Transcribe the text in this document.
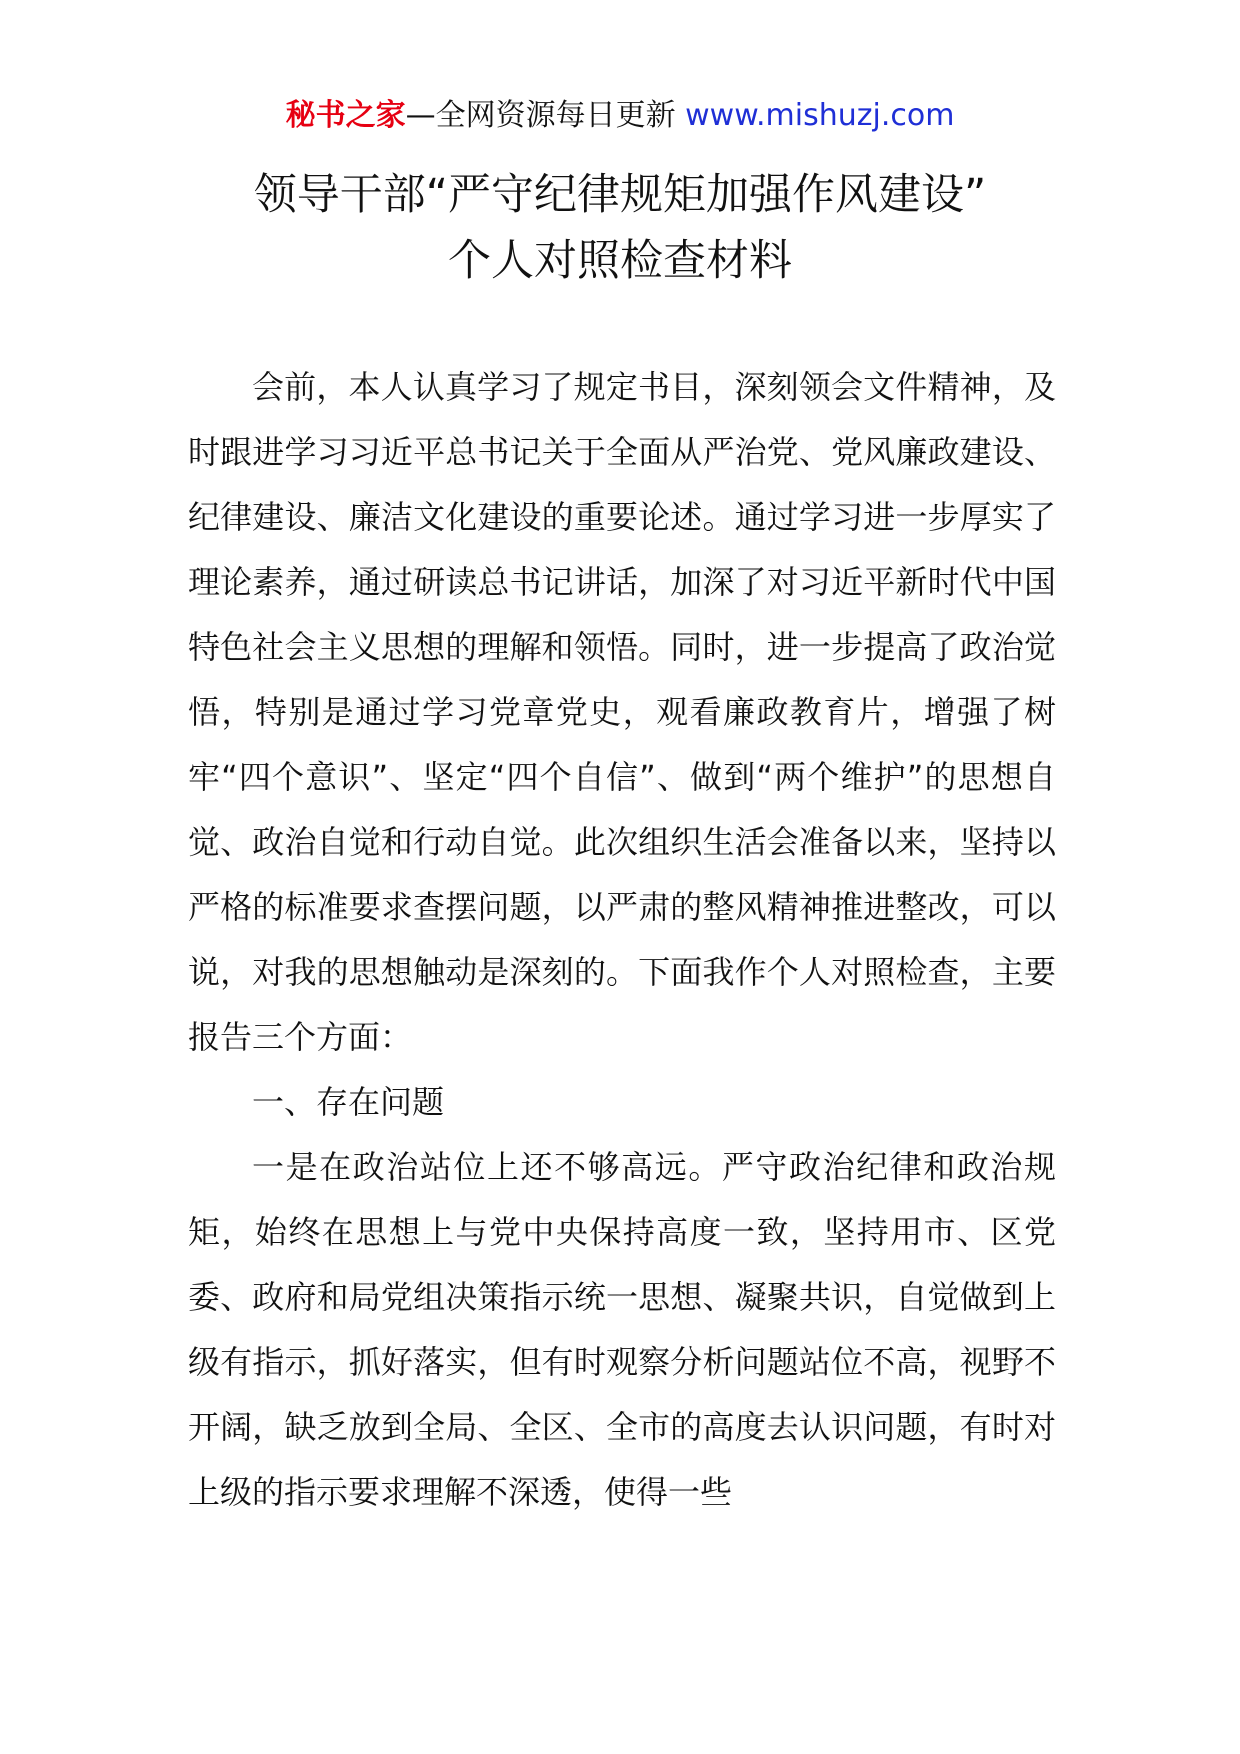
秘书之家—全网资源每日更新 www.mishuzj.com
领导干部“严守纪律规矩加强作风建设”
个人对照检查材料

会前，本人认真学习了规定书目，深刻领会文件精神，及时跟进学习习近平总书记关于全面从严治党、党风廉政建设、纪律建设、廉洁文化建设的重要论述。通过学习进一步厚实了理论素养，通过研读总书记讲话，加深了对习近平新时代中国特色社会主义思想的理解和领悟。同时，进一步提高了政治觉悟，特别是通过学习党章党史，观看廉政教育片，增强了树牢“四个意识”、坚定“四个自信”、做到“两个维护”的思想自觉、政治自觉和行动自觉。此次组织生活会准备以来，坚持以严格的标准要求查摆问题，以严肃的整风精神推进整改，可以说，对我的思想触动是深刻的。下面我作个人对照检查，主要报告三个方面：

一、存在问题

一是在政治站位上还不够高远。严守政治纪律和政治规矩，始终在思想上与党中央保持高度一致，坚持用市、区党委、政府和局党组决策指示统一思想、凝聚共识，自觉做到上级有指示，抓好落实，但有时观察分析问题站位不高，视野不开阔，缺乏放到全局、全区、全市的高度去认识问题，有时对上级的指示要求理解不深透，使得一些
